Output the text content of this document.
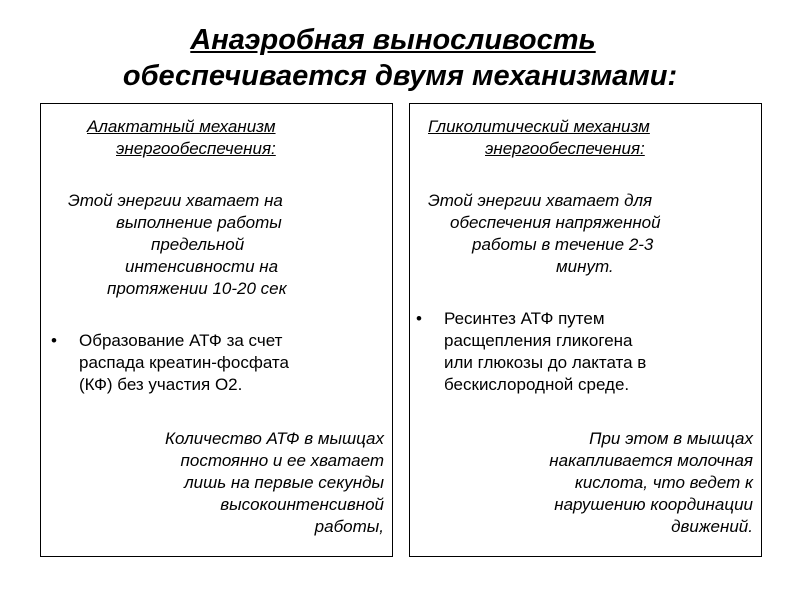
Анаэробная выносливость
обеспечивается двумя механизмами:
Алактатный механизм
энергообеспечения:
Этой энергии хватает на
выполнение работы
предельной
интенсивности на
протяжении 10-20 сек
• Образование АТФ за счет
распада креатин-фосфата
(КФ) без участия О2.
Количество АТФ в мышцах
постоянно и ее хватает
лишь на первые секунды
высокоинтенсивной
работы,
Гликолитический механизм
энергообеспечения:
Этой энергии хватает для
обеспечения напряженной
работы в течение 2-3
минут.
• Ресинтез АТФ путем
расщепления гликогена
или глюкозы до лактата в
бескислородной среде.
При этом в мышцах
накапливается молочная
кислота, что ведет к
нарушению координации
движений.
